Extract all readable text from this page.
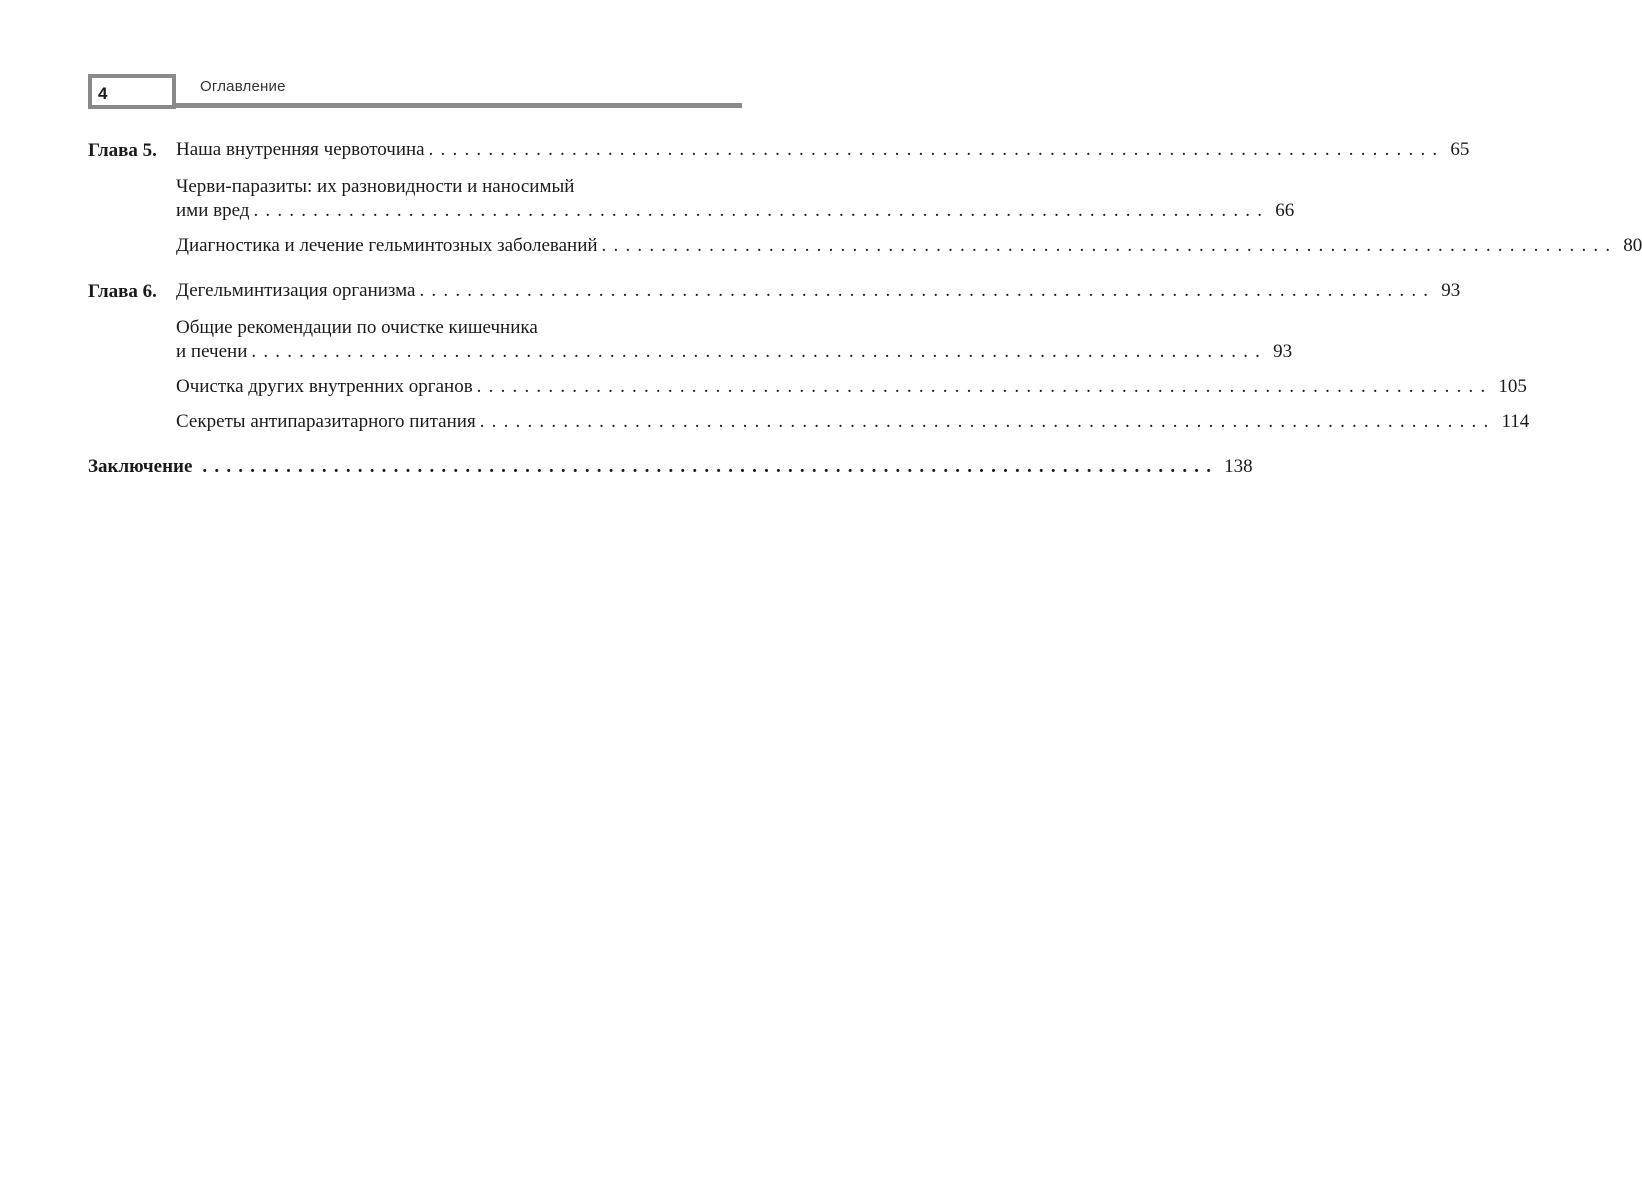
4	Оглавление
Глава 5.	Наша внутренняя червоточина ..................................................................................... 65
Черви-паразиты: их разновидности и наносимый
ими вред ..................................................................................... 66
Диагностика и лечение гельминтозных заболеваний ..................................................................................... 80
Глава 6.	Дегельминтизация организма ..................................................................................... 93
Общие рекомендации по очистке кишечника
и печени ..................................................................................... 93
Очистка других внутренних органов ..................................................................................... 105
Секреты антипаразитарного питания ..................................................................................... 114
Заключение ..................................................................................... 138
